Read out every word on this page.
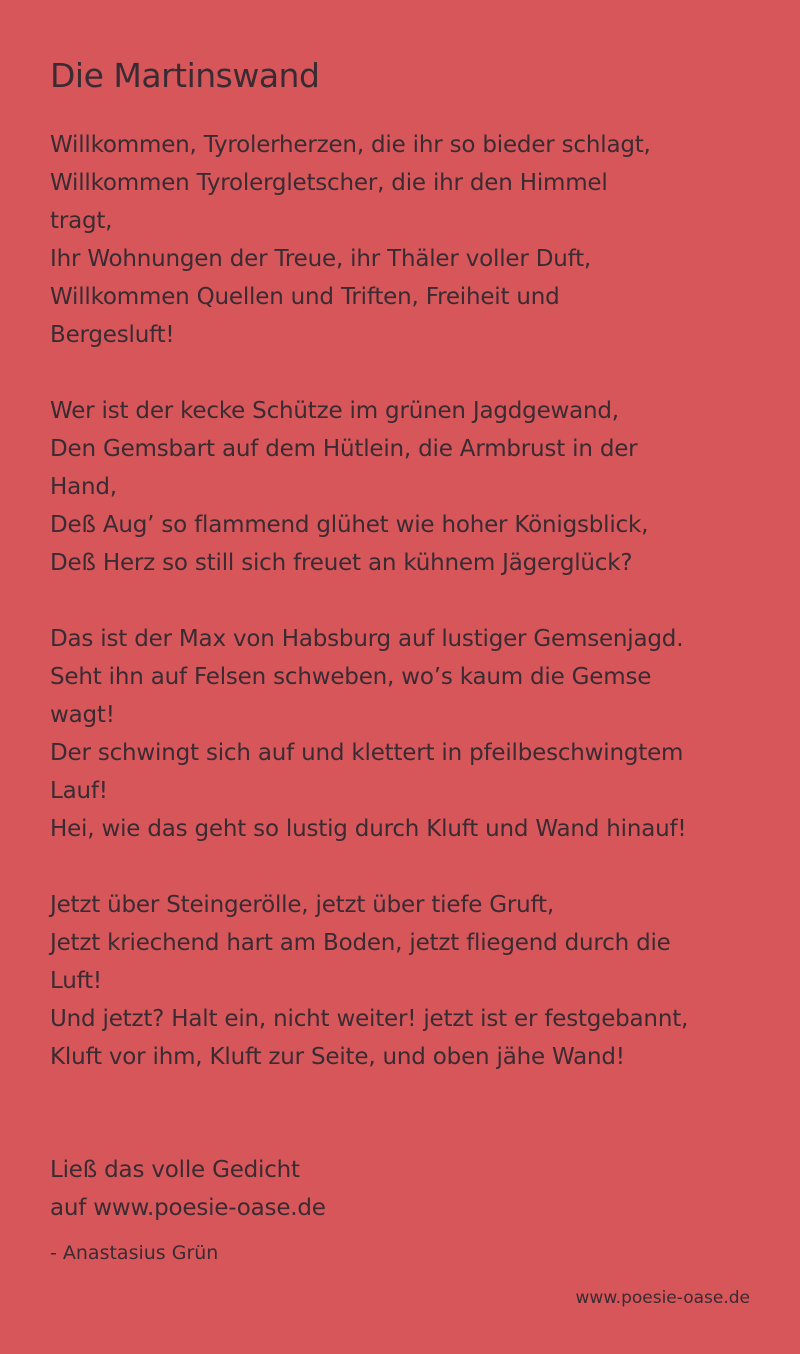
Die Martinswand
Willkommen, Tyrolerherzen, die ihr so bieder schlagt,
Willkommen Tyrolergletscher, die ihr den Himmel
tragt,
Ihr Wohnungen der Treue, ihr Thäler voller Duft,
Willkommen Quellen und Triften, Freiheit und
Bergesluft!
Wer ist der kecke Schütze im grünen Jagdgewand,
Den Gemsbart auf dem Hütlein, die Armbrust in der
Hand,
Deß Aug’ so flammend glühet wie hoher Königsblick,
Deß Herz so still sich freuet an kühnem Jägerglück?
Das ist der Max von Habsburg auf lustiger Gemsenjagd.
Seht ihn auf Felsen schweben, wo’s kaum die Gemse
wagt!
Der schwingt sich auf und klettert in pfeilbeschwingtem
Lauf!
Hei, wie das geht so lustig durch Kluft und Wand hinauf!
Jetzt über Steingerölle, jetzt über tiefe Gruft,
Jetzt kriechend hart am Boden, jetzt fliegend durch die
Luft!
Und jetzt? Halt ein, nicht weiter! jetzt ist er festgebannt,
Kluft vor ihm, Kluft zur Seite, und oben jähe Wand!
Ließ das volle Gedicht
auf www.poesie-oase.de
- Anastasius Grün
www.poesie-oase.de
